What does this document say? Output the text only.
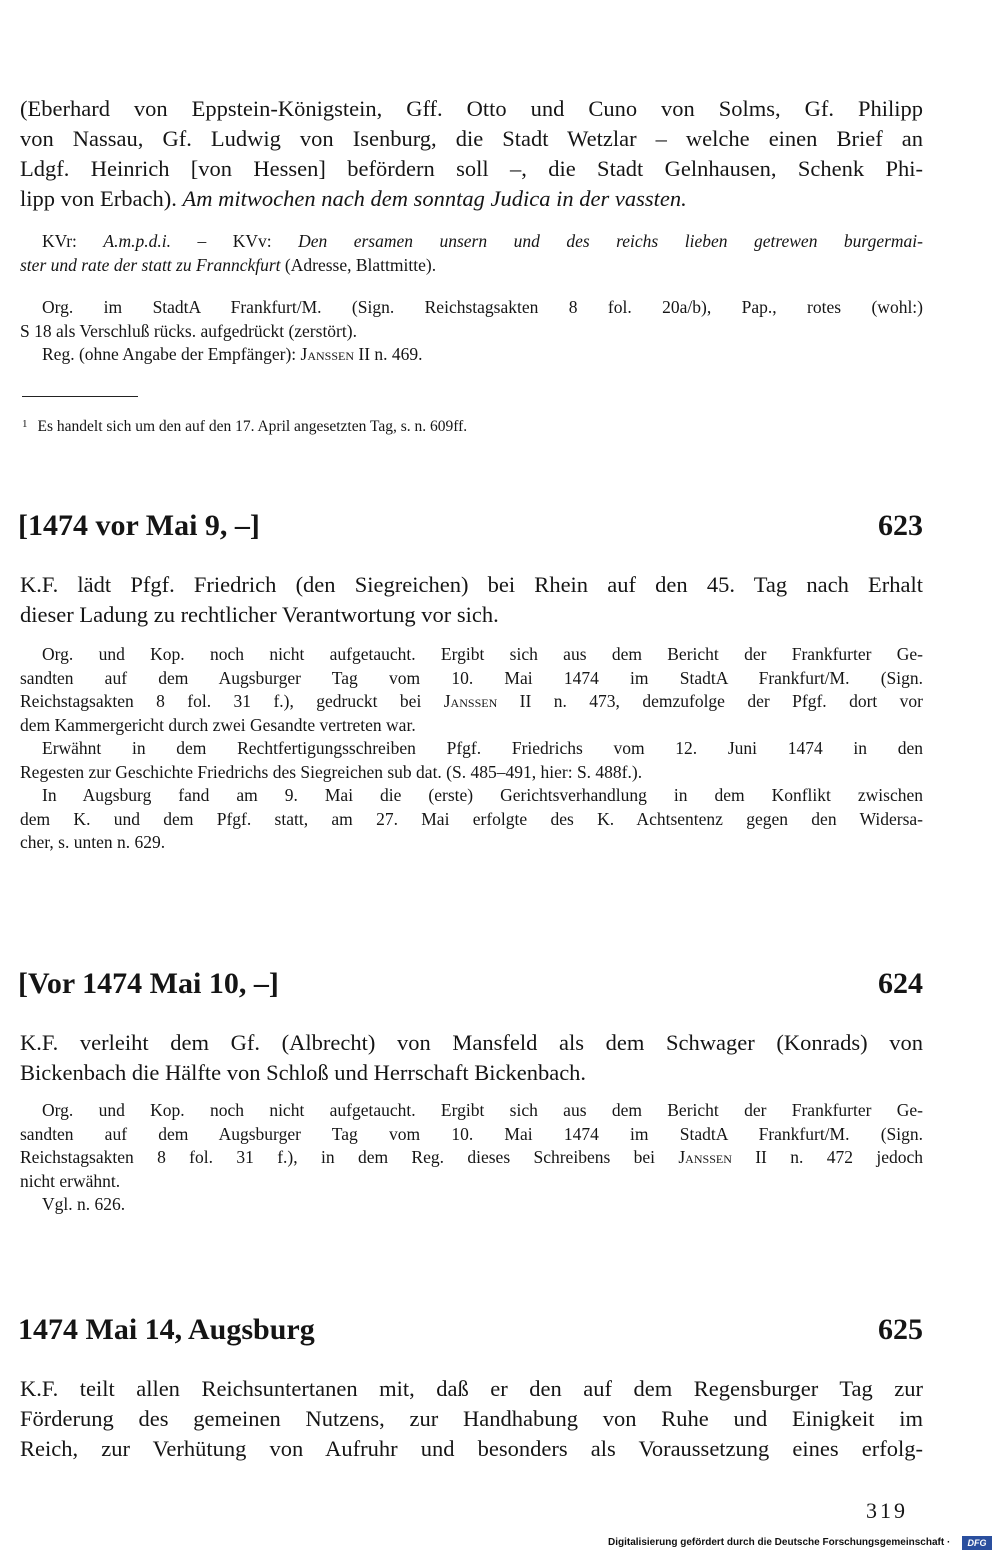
(Eberhard von Eppstein-Königstein, Gff. Otto und Cuno von Solms, Gf. Philipp
von Nassau, Gf. Ludwig von Isenburg, die Stadt Wetzlar – welche einen Brief an
Ldgf. Heinrich [von Hessen] befördern soll –, die Stadt Gelnhausen, Schenk Phi-
lipp von Erbach). Am mitwochen nach dem sonntag Judica in der vassten.
KVr: A.m.p.d.i. – KVv: Den ersamen unsern und des reichs lieben getrewen burgermai-
ster und rate der statt zu Frannckfurt (Adresse, Blattmitte).
Org. im StadtA Frankfurt/M. (Sign. Reichstagsakten 8 fol. 20a/b), Pap., rotes (wohl:)
S 18 als Verschluß rücks. aufgedrückt (zerstört).
Reg. (ohne Angabe der Empfänger): Janssen II n. 469.
$^1$ Es handelt sich um den auf den 17. April angesetzten Tag, s. n. 609ff.
[1474 vor Mai 9, –]	623
K.F. lädt Pfgf. Friedrich (den Siegreichen) bei Rhein auf den 45. Tag nach Erhalt
dieser Ladung zu rechtlicher Verantwortung vor sich.
Org. und Kop. noch nicht aufgetaucht. Ergibt sich aus dem Bericht der Frankfurter Ge-
sandten auf dem Augsburger Tag vom 10. Mai 1474 im StadtA Frankfurt/M. (Sign.
Reichstagsakten 8 fol. 31 f.), gedruckt bei Janssen II n. 473, demzufolge der Pfgf. dort vor
dem Kammergericht durch zwei Gesandte vertreten war.
Erwähnt in dem Rechtfertigungsschreiben Pfgf. Friedrichs vom 12. Juni 1474 in den
Regesten zur Geschichte Friedrichs des Siegreichen sub dat. (S. 485–491, hier: S. 488f.).
In Augsburg fand am 9. Mai die (erste) Gerichtsverhandlung in dem Konflikt zwischen
dem K. und dem Pfgf. statt, am 27. Mai erfolgte des K. Achtsentenz gegen den Widersa-
cher, s. unten n. 629.
[Vor 1474 Mai 10, –]	624
K.F. verleiht dem Gf. (Albrecht) von Mansfeld als dem Schwager (Konrads) von
Bickenbach die Hälfte von Schloß und Herrschaft Bickenbach.
Org. und Kop. noch nicht aufgetaucht. Ergibt sich aus dem Bericht der Frankfurter Ge-
sandten auf dem Augsburger Tag vom 10. Mai 1474 im StadtA Frankfurt/M. (Sign.
Reichstagsakten 8 fol. 31 f.), in dem Reg. dieses Schreibens bei Janssen II n. 472 jedoch
nicht erwähnt.
Vgl. n. 626.
1474 Mai 14, Augsburg	625
K.F. teilt allen Reichsuntertanen mit, daß er den auf dem Regensburger Tag zur
Förderung des gemeinen Nutzens, zur Handhabung von Ruhe und Einigkeit im
Reich, zur Verhütung von Aufruhr und besonders als Voraussetzung eines erfolg-
319
Digitalisierung gefördert durch die Deutsche Forschungsgemeinschaft ·	DFG
